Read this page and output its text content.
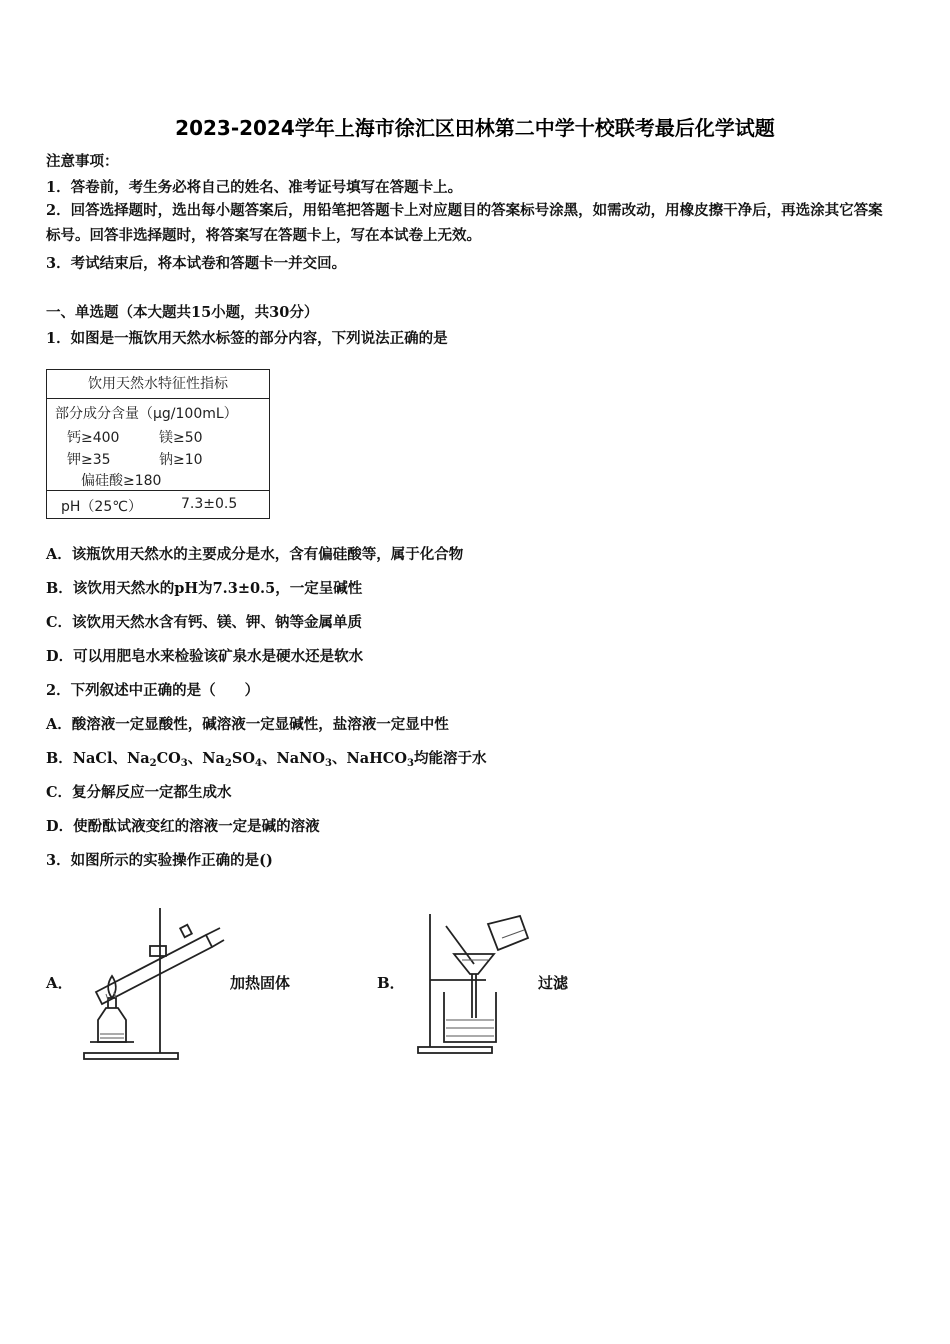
2023-2024学年上海市徐汇区田林第二中学十校联考最后化学试题
注意事项：
1．答卷前，考生务必将自己的姓名、准考证号填写在答题卡上。
2．回答选择题时，选出每小题答案后，用铅笔把答题卡上对应题目的答案标号涂黑，如需改动，用橡皮擦干净后，再选涂其它答案标号。回答非选择题时，将答案写在答题卡上，写在本试卷上无效。
3．考试结束后，将本试卷和答题卡一并交回。
一、单选题（本大题共15小题，共30分）
1．如图是一瓶饮用天然水标签的部分内容，下列说法正确的是
饮用天然水特征性指标
部分成分含量（μg/100mL）
钙≥400	镁≥50
钾≥35	钠≥10
偏硅酸≥180
pH（25℃）	7.3±0.5
A．该瓶饮用天然水的主要成分是水，含有偏硅酸等，属于化合物
B．该饮用天然水的pH为7.3±0.5，一定呈碱性
C．该饮用天然水含有钙、镁、钾、钠等金属单质
D．可以用肥皂水来检验该矿泉水是硬水还是软水
2．下列叙述中正确的是（　　）
A．酸溶液一定显酸性，碱溶液一定显碱性，盐溶液一定显中性
B．NaCl、$Na_2CO_3$、$Na_2SO_4$、NaNO$_3$、NaHCO$_3$均能溶于水
C．复分解反应一定都生成水
D．使酚酞试液变红的溶液一定是碱的溶液
3．如图所示的实验操作正确的是()
A．	加热固体	B．	过滤
